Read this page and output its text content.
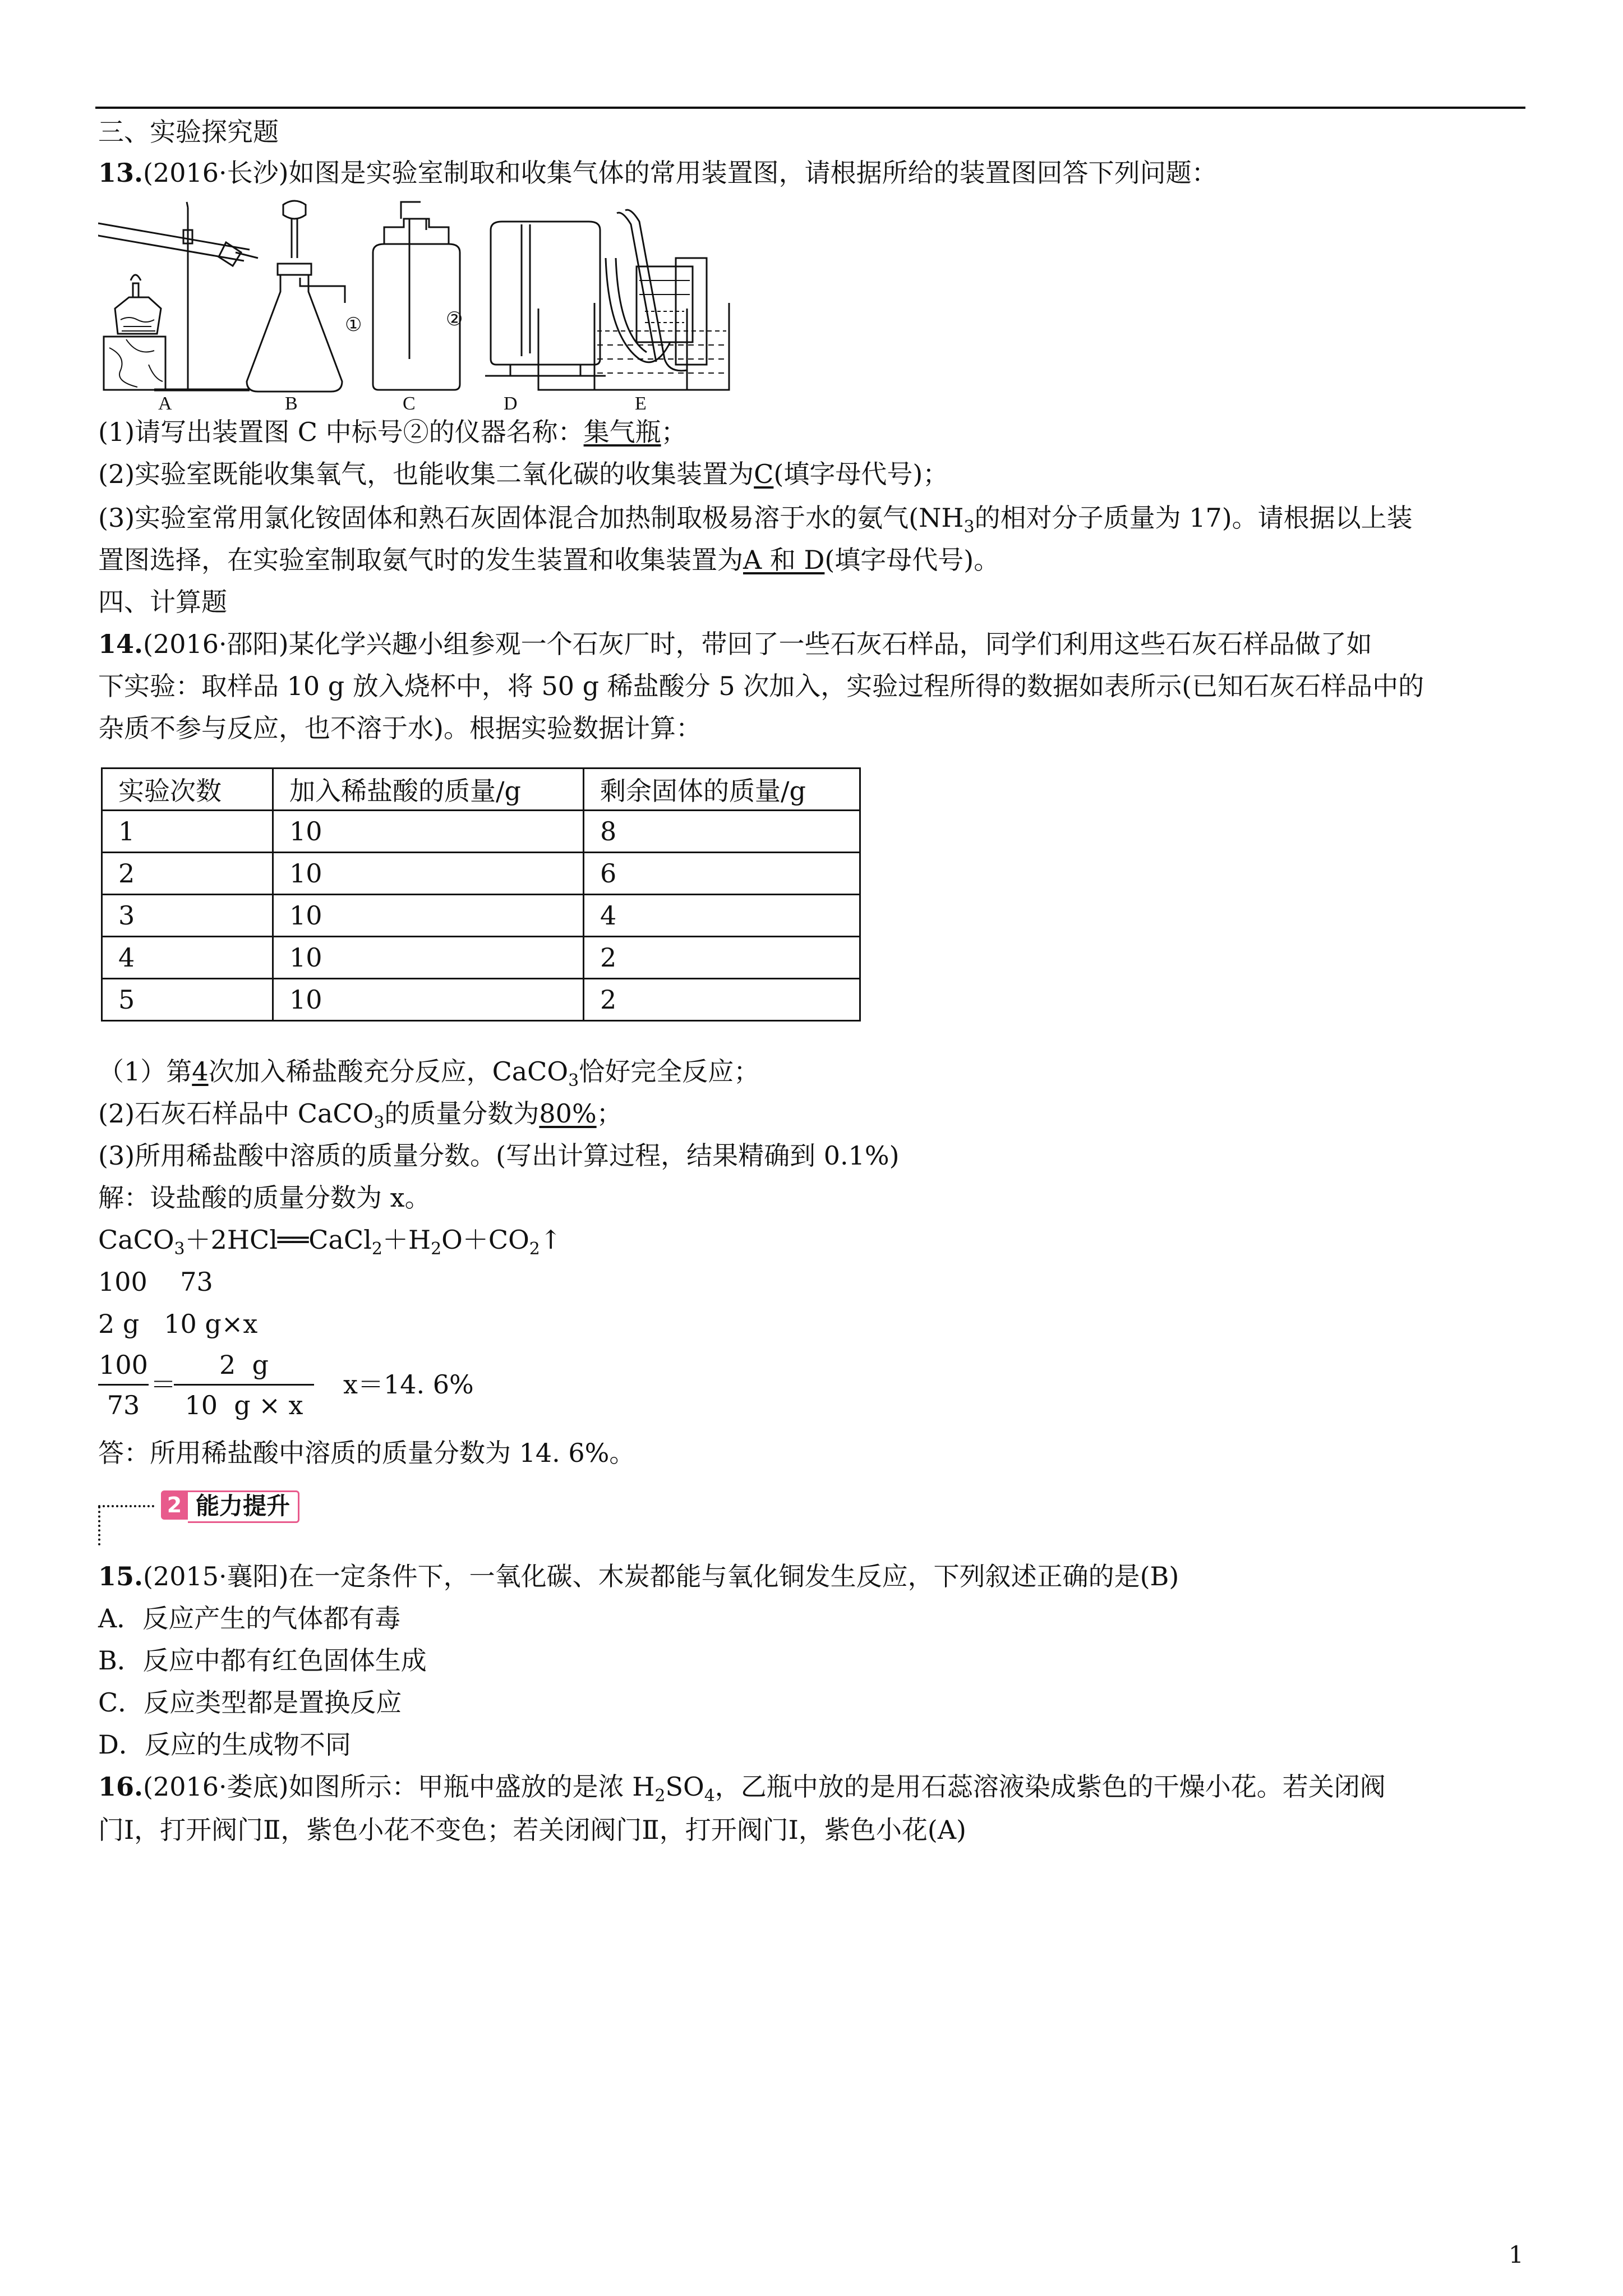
三、实验探究题
13.(2016·长沙)如图是实验室制取和收集气体的常用装置图，请根据所给的装置图回答下列问题：
①	②
A	B	C	D	E
(1)请写出装置图 C 中标号②的仪器名称：集气瓶；
(2)实验室既能收集氧气，也能收集二氧化碳的收集装置为C(填字母代号)；
(3)实验室常用氯化铵固体和熟石灰固体混合加热制取极易溶于水的氨气($NH_3$的相对分子质量为 17)。请根据以上装
置图选择，在实验室制取氨气时的发生装置和收集装置为A 和 D(填字母代号)。
四、计算题
14.(2016·邵阳)某化学兴趣小组参观一个石灰厂时，带回了一些石灰石样品，同学们利用这些石灰石样品做了如
下实验：取样品 10 g 放入烧杯中，将 50 g 稀盐酸分 5 次加入，实验过程所得的数据如表所示(已知石灰石样品中的
杂质不参与反应，也不溶于水)。根据实验数据计算：
实验次数	加入稀盐酸的质量/g	剩余固体的质量/g
1	10	8
2	10	6
3	10	4
4	10	2
5	10	2
（1）第4次加入稀盐酸充分反应，CaCO$_3$恰好完全反应；
(2)石灰石样品中 CaCO$_3$的质量分数为80%；
(3)所用稀盐酸中溶质的质量分数。(写出计算过程，结果精确到 0.1%)
解：设盐酸的质量分数为 x。
$CaCO_3+2HCl══CaCl_2+H_2O+CO_2↑$
100    73
2 g   10 g×x
100
73
＝
2  g
10  g × x
x＝14. 6%
答：所用稀盐酸中溶质的质量分数为 14. 6%。
2 能力提升
15.(2015·襄阳)在一定条件下，一氧化碳、木炭都能与氧化铜发生反应，下列叙述正确的是(B)
A．反应产生的气体都有毒
B．反应中都有红色固体生成
C．反应类型都是置换反应
D．反应的生成物不同
16.(2016·娄底)如图所示：甲瓶中盛放的是浓 $H_2SO_4$，乙瓶中放的是用石蕊溶液染成紫色的干燥小花。若关闭阀
门Ⅰ，打开阀门Ⅱ，紫色小花不变色；若关闭阀门Ⅱ，打开阀门Ⅰ，紫色小花(A)
1
